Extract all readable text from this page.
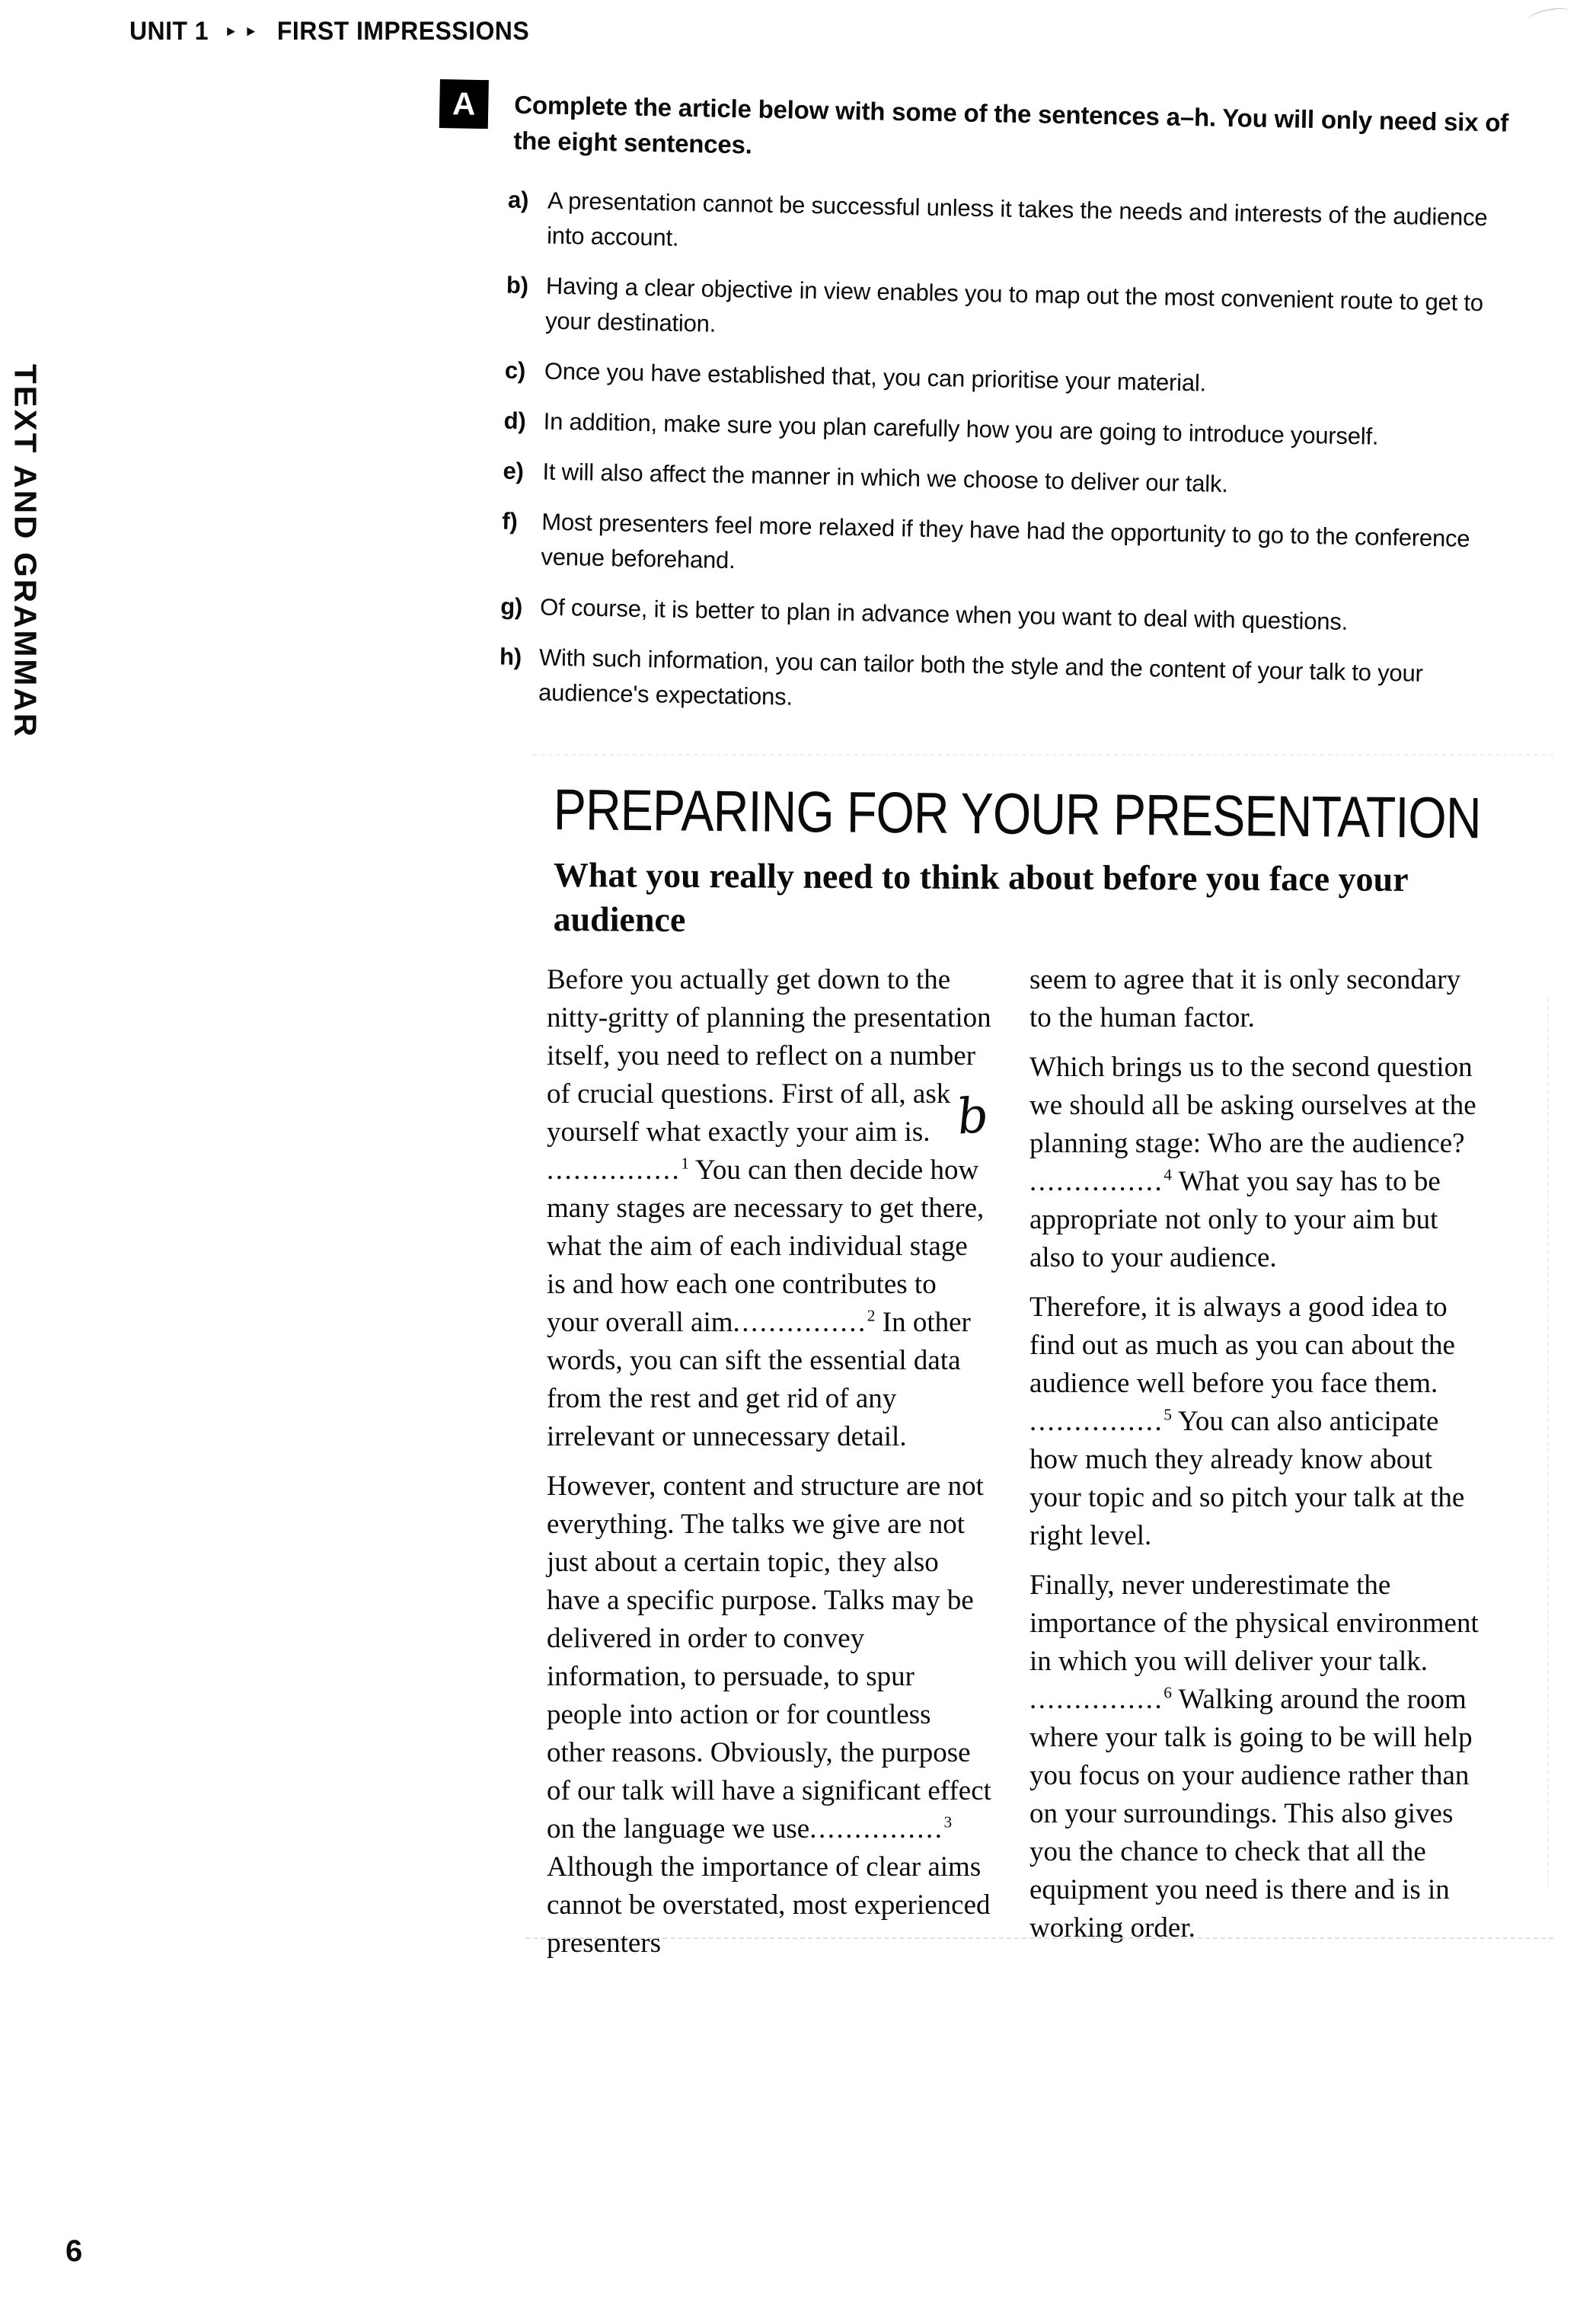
UNIT 1 ►► FIRST IMPRESSIONS
TEXT AND GRAMMAR
A	Complete the article below with some of the sentences a–h. You will only need six of the eight sentences.
a) A presentation cannot be successful unless it takes the needs and interests of the audience into account.
b) Having a clear objective in view enables you to map out the most convenient route to get to your destination.
c) Once you have established that, you can prioritise your material.
d) In addition, make sure you plan carefully how you are going to introduce yourself.
e) It will also affect the manner in which we choose to deliver our talk.
f)	Most presenters feel more relaxed if they have had the opportunity to go to the conference venue beforehand.
g) Of course, it is better to plan in advance when you want to deal with questions.
h) With such information, you can tailor both the style and the content of your talk to your audience's expectations.
PREPARING FOR YOUR PRESENTATION
What you really need to think about before you face your audience

Before you actually get down to the nitty-gritty of planning the presentation itself, you need to reflect on a number of crucial questions. First of all, ask yourself what exactly your aim is. b
...............$^1$ You can then decide how many stages are necessary to get there, what the aim of each individual stage is and how each one contributes to your overall aim...............$^2$ In other words, you can sift the essential data from the rest and get rid of any irrelevant or unnecessary detail.

However, content and structure are not everything. The talks we give are not just about a certain topic, they also have a specific purpose. Talks may be delivered in order to convey information, to persuade, to spur people into action or for countless other reasons. Obviously, the purpose of our talk will have a significant effect on the language we use...............$^3$ Although the importance of clear aims cannot be overstated, most experienced presenters

seem to agree that it is only secondary to the human factor.

Which brings us to the second question we should all be asking ourselves at the planning stage: Who are the audience? ...............$^4$ What you say has to be appropriate not only to your aim but also to your audience.

Therefore, it is always a good idea to find out as much as you can about the audience well before you face them. ...............$^5$ You can also anticipate how much they already know about your topic and so pitch your talk at the right level.

Finally, never underestimate the importance of the physical environment in which you will deliver your talk. ...............$^6$ Walking around the room where your talk is going to be will help you focus on your audience rather than on your surroundings. This also gives you the chance to check that all the equipment you need is there and is in working order.

6
